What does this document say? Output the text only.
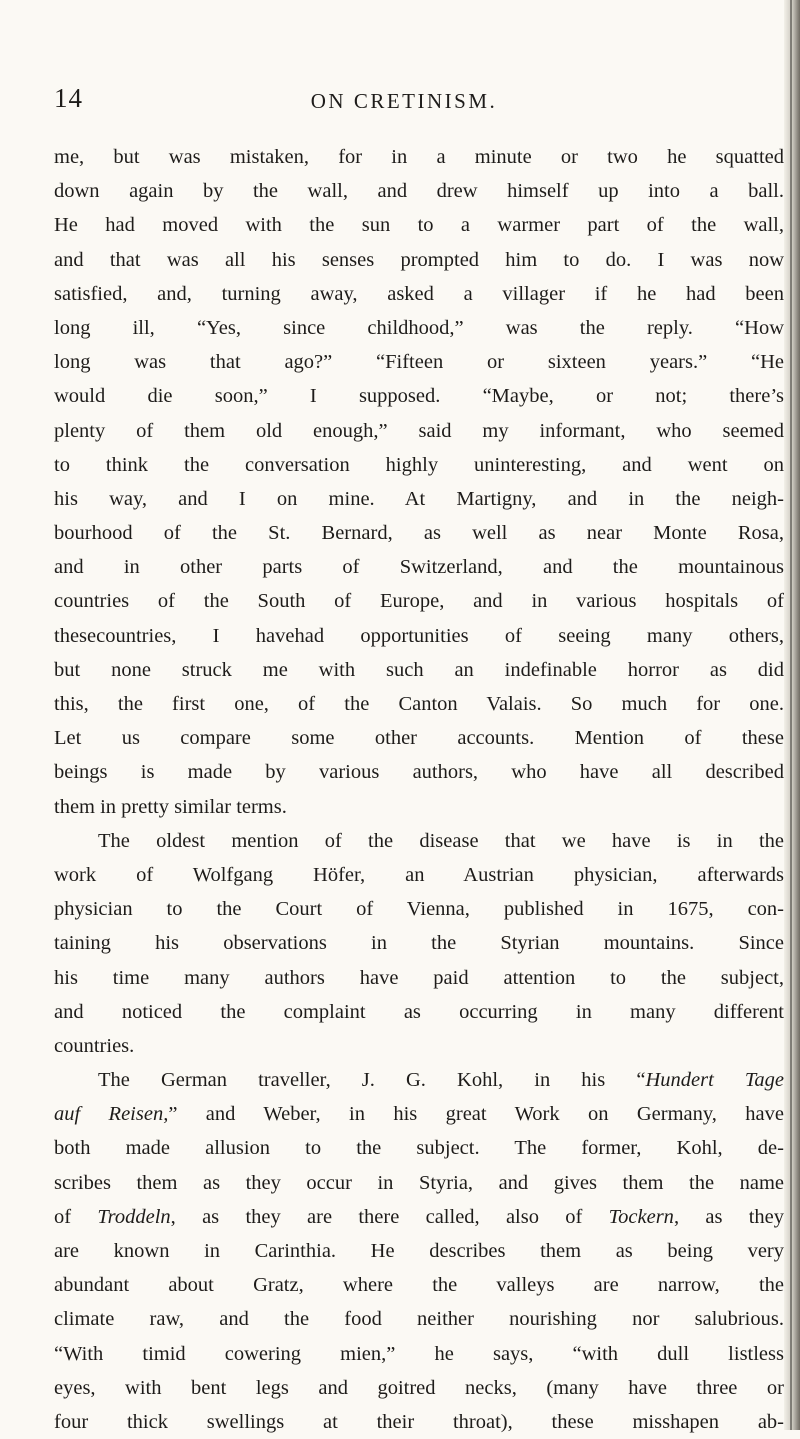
14	ON CRETINISM.
me, but was mistaken, for in a minute or two he squatted
down again by the wall, and drew himself up into a ball.
He had moved with the sun to a warmer part of the wall,
and that was all his senses prompted him to do. I was now
satisfied, and, turning away, asked a villager if he had been
long ill, “Yes, since childhood,” was the reply. “How
long was that ago?” “Fifteen or sixteen years.” “He
would die soon,” I supposed. “Maybe, or not; there’s
plenty of them old enough,” said my informant, who seemed
to think the conversation highly uninteresting, and went on
his way, and I on mine. At Martigny, and in the neigh-
bourhood of the St. Bernard, as well as near Monte Rosa,
and in other parts of Switzerland, and the mountainous
countries of the South of Europe, and in various hospitals of
thesecountries, I havehad opportunities of seeing many others,
but none struck me with such an indefinable horror as did
this, the first one, of the Canton Valais. So much for one.
Let us compare some other accounts. Mention of these
beings is made by various authors, who have all described
them in pretty similar terms.
The oldest mention of the disease that we have is in the
work of Wolfgang Höfer, an Austrian physician, afterwards
physician to the Court of Vienna, published in 1675, con-
taining his observations in the Styrian mountains. Since
his time many authors have paid attention to the subject,
and noticed the complaint as occurring in many different
countries.
The German traveller, J. G. Kohl, in his “Hundert Tage
auf Reisen,” and Weber, in his great Work on Germany, have
both made allusion to the subject. The former, Kohl, de-
scribes them as they occur in Styria, and gives them the name
of Troddeln, as they are there called, also of Tockern, as they
are known in Carinthia. He describes them as being very
abundant about Gratz, where the valleys are narrow, the
climate raw, and the food neither nourishing nor salubrious.
“With timid cowering mien,” he says, “with dull listless
eyes, with bent legs and goitred necks, (many have three or
four thick swellings at their throat), these misshapen ab-
